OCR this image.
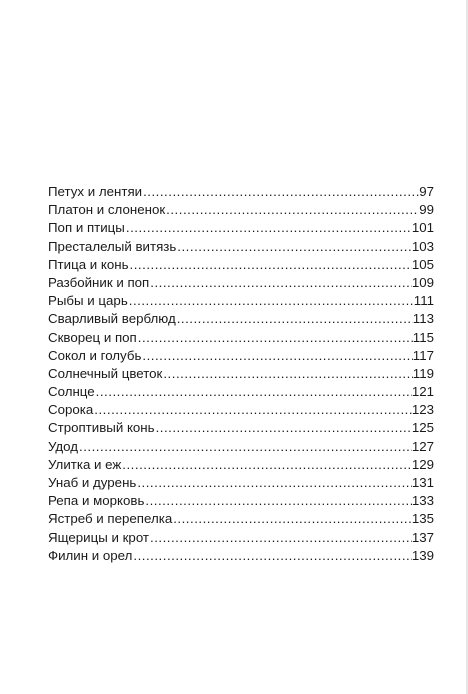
Петух и лентяи .....	97
Платон и слоненок .....	99
Поп и птицы .....	101
Престалелый витязь .....	103
Птица и конь .....	105
Разбойник и поп .....	109
Рыбы и царь .....	111
Сварливый верблюд .....	113
Скворец и поп .....	115
Сокол и голубь .....	117
Солнечный цветок .....	119
Солнце .....	121
Сорока .....	123
Строптивый конь .....	125
Удод .....	127
Улитка и еж .....	129
Унаб и дурень .....	131
Репа и морковь .....	133
Ястреб и перепелка .....	135
Ящерицы и крот .....	137
Филин и орел .....	139
